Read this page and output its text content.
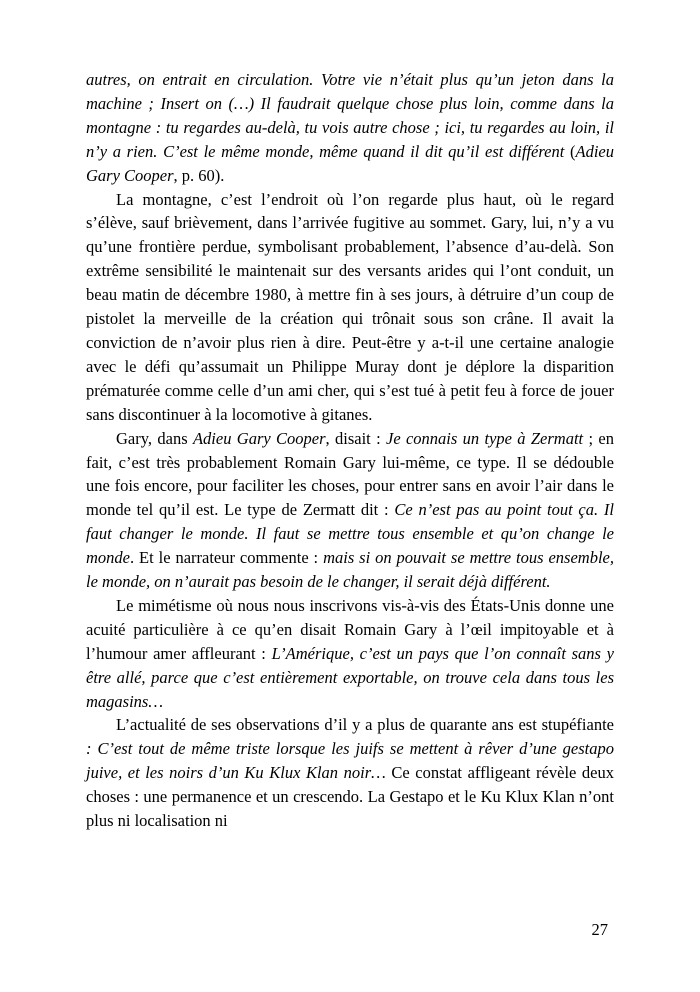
autres, on entrait en circulation. Votre vie n’était plus qu’un jeton dans la machine ; Insert on (…) Il faudrait quelque chose plus loin, comme dans la montagne : tu regardes au-delà, tu vois autre chose ; ici, tu regardes au loin, il n’y a rien. C’est le même monde, même quand il dit qu’il est différent (Adieu Gary Cooper, p. 60).

La montagne, c’est l’endroit où l’on regarde plus haut, où le regard s’élève, sauf brièvement, dans l’arrivée fugitive au sommet. Gary, lui, n’y a vu qu’une frontière perdue, symbolisant probablement, l’absence d’au-delà. Son extrême sensibilité le maintenait sur des versants arides qui l’ont conduit, un beau matin de décembre 1980, à mettre fin à ses jours, à détruire d’un coup de pistolet la merveille de la création qui trônait sous son crâne. Il avait la conviction de n’avoir plus rien à dire. Peut-être y a-t-il une certaine analogie avec le défi qu’assumait un Philippe Muray dont je déplore la disparition prématurée comme celle d’un ami cher, qui s’est tué à petit feu à force de jouer sans discontinuer à la locomotive à gitanes.

Gary, dans Adieu Gary Cooper, disait : Je connais un type à Zermatt ; en fait, c’est très probablement Romain Gary lui-même, ce type. Il se dédouble une fois encore, pour faciliter les choses, pour entrer sans en avoir l’air dans le monde tel qu’il est. Le type de Zermatt dit : Ce n’est pas au point tout ça. Il faut changer le monde. Il faut se mettre tous ensemble et qu’on change le monde. Et le narrateur commente : mais si on pouvait se mettre tous ensemble, le monde, on n’aurait pas besoin de le changer, il serait déjà différent.

Le mimétisme où nous nous inscrivons vis-à-vis des États-Unis donne une acuité particulière à ce qu’en disait Romain Gary à l’œil impitoyable et à l’humour amer affleurant : L’Amérique, c’est un pays que l’on connaît sans y être allé, parce que c’est entièrement exportable, on trouve cela dans tous les magasins…

L’actualité de ses observations d’il y a plus de quarante ans est stupéfiante : C’est tout de même triste lorsque les juifs se mettent à rêver d’une gestapo juive, et les noirs d’un Ku Klux Klan noir… Ce constat affligeant révèle deux choses : une permanence et un crescendo. La Gestapo et le Ku Klux Klan n’ont plus ni localisation ni

27
